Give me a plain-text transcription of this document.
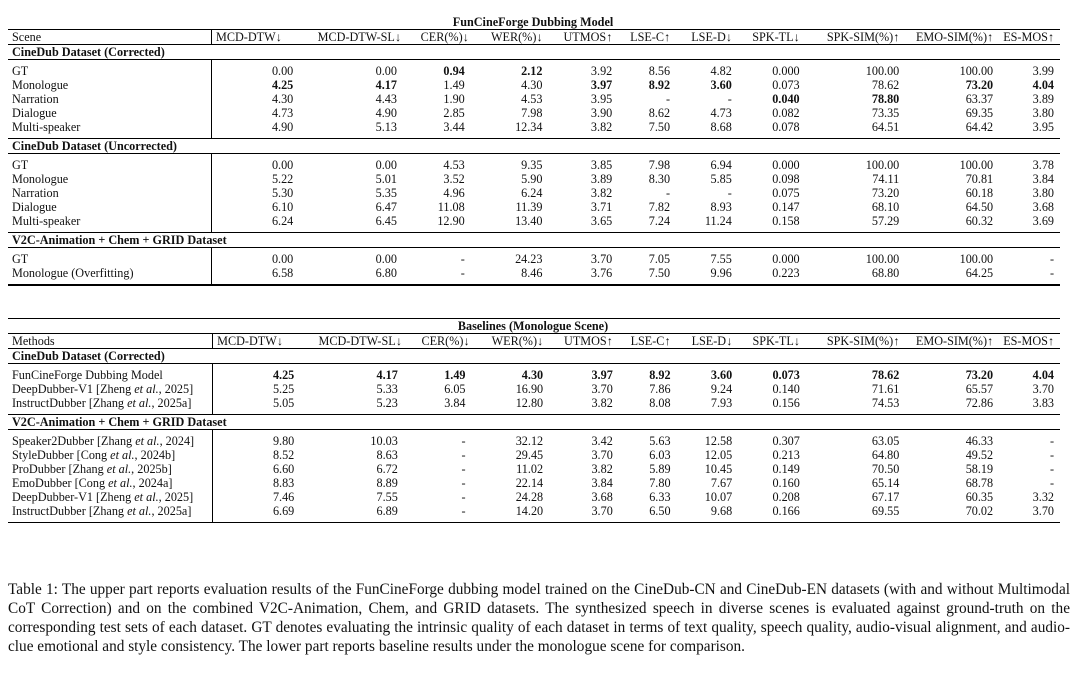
FunCineForge Dubbing Model											
Scene	MCD-DTW↓	MCD-DTW-SL↓	CER(%)↓	WER(%)↓	UTMOS↑	LSE-C↑	LSE-D↓	SPK-TL↓	SPK-SIM(%)↑	EMO-SIM(%)↑	ES-MOS↑
CineDub Dataset (Corrected)											
GT	0.00	0.00	0.94	2.12	3.92	8.56	4.82	0.000	100.00	100.00	3.99
Monologue	4.25	4.17	1.49	4.30	3.97	8.92	3.60	0.073	78.62	73.20	4.04
Narration	4.30	4.43	1.90	4.53	3.95	-	-	0.040	78.80	63.37	3.89
Dialogue	4.73	4.90	2.85	7.98	3.90	8.62	4.73	0.082	73.35	69.35	3.80
Multi-speaker	4.90	5.13	3.44	12.34	3.82	7.50	8.68	0.078	64.51	64.42	3.95
CineDub Dataset (Uncorrected)											
GT	0.00	0.00	4.53	9.35	3.85	7.98	6.94	0.000	100.00	100.00	3.78
Monologue	5.22	5.01	3.52	5.90	3.89	8.30	5.85	0.098	74.11	70.81	3.84
Narration	5.30	5.35	4.96	6.24	3.82	-	-	0.075	73.20	60.18	3.80
Dialogue	6.10	6.47	11.08	11.39	3.71	7.82	8.93	0.147	68.10	64.50	3.68
Multi-speaker	6.24	6.45	12.90	13.40	3.65	7.24	11.24	0.158	57.29	60.32	3.69
V2C-Animation + Chem + GRID Dataset											
GT	0.00	0.00	-	24.23	3.70	7.05	7.55	0.000	100.00	100.00	-
Monologue (Overfitting)	6.58	6.80	-	8.46	3.76	7.50	9.96	0.223	68.80	64.25	-
Baselines (Monologue Scene)											
Methods	MCD-DTW↓	MCD-DTW-SL↓	CER(%)↓	WER(%)↓	UTMOS↑	LSE-C↑	LSE-D↓	SPK-TL↓	SPK-SIM(%)↑	EMO-SIM(%)↑	ES-MOS↑
CineDub Dataset (Corrected)											
FunCineForge Dubbing Model	4.25	4.17	1.49	4.30	3.97	8.92	3.60	0.073	78.62	73.20	4.04
DeepDubber-V1 [Zheng et al., 2025]	5.25	5.33	6.05	16.90	3.70	7.86	9.24	0.140	71.61	65.57	3.70
InstructDubber [Zhang et al., 2025a]	5.05	5.23	3.84	12.80	3.82	8.08	7.93	0.156	74.53	72.86	3.83
V2C-Animation + Chem + GRID Dataset											
Speaker2Dubber [Zhang et al., 2024]	9.80	10.03	-	32.12	3.42	5.63	12.58	0.307	63.05	46.33	-
StyleDubber [Cong et al., 2024b]	8.52	8.63	-	29.45	3.70	6.03	12.05	0.213	64.80	49.52	-
ProDubber [Zhang et al., 2025b]	6.60	6.72	-	11.02	3.82	5.89	10.45	0.149	70.50	58.19	-
EmoDubber [Cong et al., 2024a]	8.83	8.89	-	22.14	3.84	7.80	7.67	0.160	65.14	68.78	-
DeepDubber-V1 [Zheng et al., 2025]	7.46	7.55	-	24.28	3.68	6.33	10.07	0.208	67.17	60.35	3.32
InstructDubber [Zhang et al., 2025a]	6.69	6.89	-	14.20	3.70	6.50	9.68	0.166	69.55	70.02	3.70

Table 1: The upper part reports evaluation results of the FunCineForge dubbing model trained on the CineDub-CN and CineDub-EN datasets (with and without Multimodal CoT Correction) and on the combined V2C-Animation, Chem, and GRID datasets. The synthesized speech in diverse scenes is evaluated against ground-truth on the corresponding test sets of each dataset. GT denotes evaluating the intrinsic quality of each dataset in terms of text quality, speech quality, audio-visual alignment, and audio-clue emotional and style consistency. The lower part reports baseline results under the monologue scene for comparison.
